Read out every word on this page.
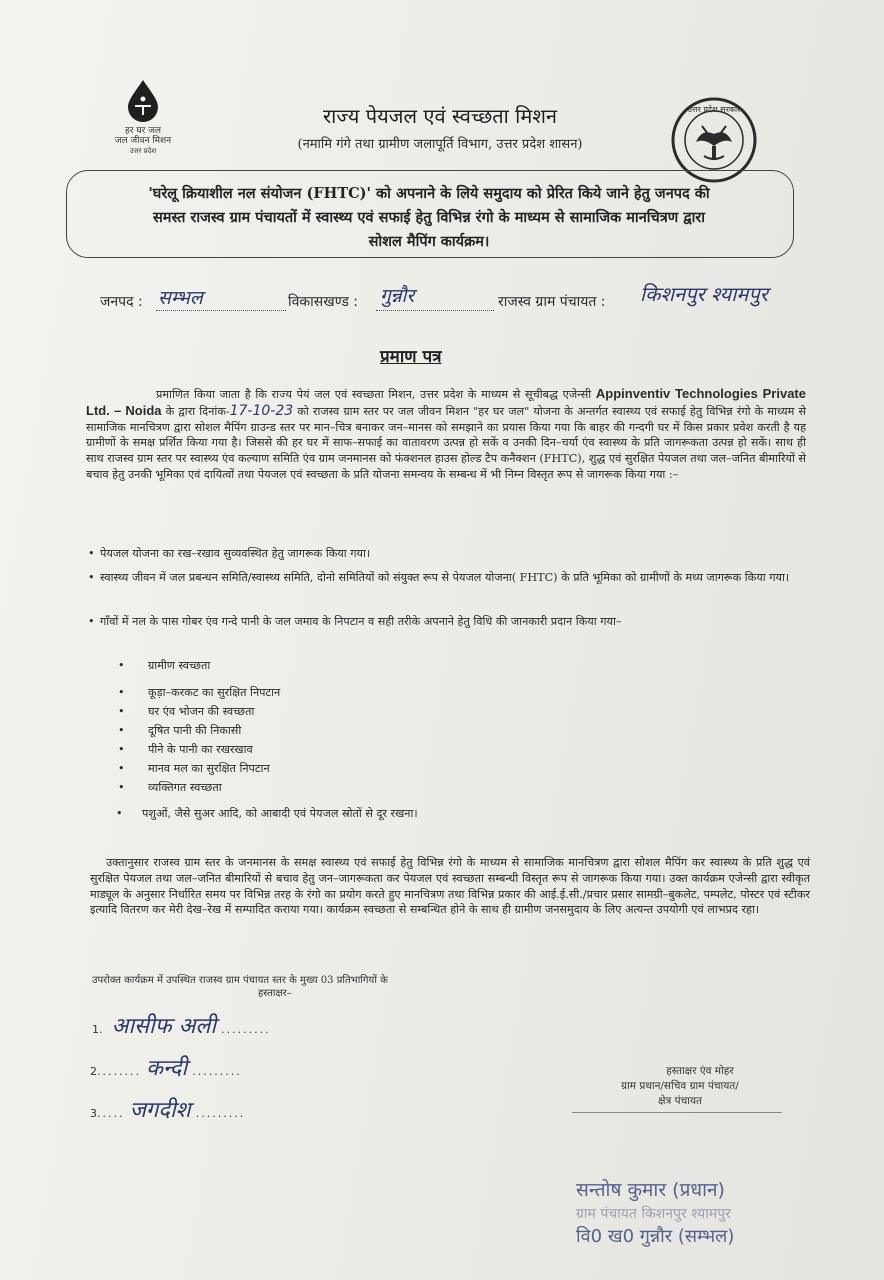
हर घर जल
जल जीवन मिशन
उत्तर प्रदेश
उत्तर प्रदेश सरकार
राज्य पेयजल एवं स्वच्छता मिशन
(नमामि गंगे तथा ग्रामीण जलापूर्ति विभाग, उत्तर प्रदेश शासन)
'घरेलू क्रियाशील नल संयोजन (FHTC)' को अपनाने के लिये समुदाय को प्रेरित किये जाने हेतु जनपद की
समस्त राजस्व ग्राम पंचायतों में स्वास्थ्य एवं सफाई हेतु विभिन्न रंगो के माध्यम से सामाजिक मानचित्रण द्वारा
सोशल मैपिंग कार्यक्रम।
जनपद : सम्भल	विकासखण्ड : गुन्नौर	राजस्व ग्राम पंचायत : किशनपुर श्यामपुर
प्रमाण पत्र
प्रमाणित किया जाता है कि राज्य पेयं जल एवं स्वच्छता मिशन, उत्तर प्रदेश के माध्यम से सूचीबद्ध एजेन्सी Appinventiv Technologies Private Ltd. – Noida के द्वारा दिनांक-17-10-23 को राजस्व ग्राम स्तर पर जल जीवन मिशन "हर घर जल" योजना के अन्तर्गत स्वास्थ्य एवं सफाई हेतु विभिन्न रंगो के माध्यम से सामाजिक मानचित्रण द्वारा सोशल मैपिंग ग्राउन्ड स्तर पर मान–चित्र बनाकर जन–मानस को समझाने का प्रयास किया गया कि बाहर की गन्दगी घर में किस प्रकार प्रवेश करती है यह ग्रामीणों के समक्ष प्रर्शित किया गया है। जिससे की हर घर में साफ–सफाई का वातावरण उत्पन्न हो सकें व उनकी दिन–चर्या एंव स्वास्थ्य के प्रति जागरूकता उत्पन्न हो सकें। साथ ही साथ राजस्व ग्राम स्तर पर स्वास्थ्य एंव कल्याण समिति एंव ग्राम जनमानस को फंक्शनल हाउस होल्ड टैप कनैक्शन (FHTC), शुद्ध एवं सुरक्षित पेयजल तथा जल–जनित बीमारियों से बचाव हेतु उनकी भूमिका एवं दायित्वों तथा पेयजल एवं स्वच्छता के प्रति योजना समन्वय के सम्बन्ध में भी निम्न विस्तृत रूप से जागरूक किया गया :–
• पेयजल योजना का रख–रखाव सुव्यवस्थित हेतु जागरूक किया गया।
• स्वास्थ्य जीवन में जल प्रबन्धन समिति/स्वास्थ्य समिति, दोनो समितियों को संयुक्त रूप से पेयजल योजना( FHTC) के प्रति भूमिका को ग्रामीणों के मध्य जागरूक किया गया।
• गाँवों में नल के पास गोबर एंव गन्दे पानी के जल जमाव के निपटान व सही तरीके अपनाने हेतु विधि की जानकारी प्रदान किया गया–
• ग्रामीण स्वच्छता
• कूड़ा–करकट का सुरक्षित निपटान
• घर एंव भोजन की स्वच्छता
• दूषित पानी की निकासी
• पीने के पानी का रखरखाव
• मानव मल का सुरक्षित निपटान
• व्यक्तिगत स्वच्छता
• पशुओं, जैसे सुअर आदि, को आबादी एवं पेयजल स्रोतों से दूर रखना।
उक्तानुसार राजस्व ग्राम स्तर के जनमानस के समक्ष स्वास्थ्य एवं सफाई हेतु विभिन्न रंगो के माध्यम से सामाजिक मानचित्रण द्वारा सोशल मैपिंग कर स्वास्थ्य के प्रति शुद्ध एवं सुरक्षित पेयजल तथा जल–जनित बीमारियों से बचाव हेतु जन–जागरूकता कर पेयजल एवं स्वच्छता सम्बन्धी विस्तृत रूप से जागरूक किया गया। उक्त कार्यक्रम एजेन्सी द्वारा स्वीकृत माड्यूल के अनुसार निर्धारित समय पर विभिन्न तरह के रंगो का प्रयोग करते हुए मानचित्रण तथा विभिन्न प्रकार की आई.ई.सी./प्रचार प्रसार सामग्री–बुकलेट, पम्पलेट, पोस्टर एवं स्टीकर इत्यादि वितरण कर मेरी देख–रेख में सम्पादित कराया गया। कार्यक्रम स्वच्छता से सम्बन्धित होने के साथ ही ग्रामीण जनसमुदाय के लिए अत्यन्त उपयोगी एवं लाभप्रद रहा।
उपरोक्त कार्यक्रम में उपस्थित राजस्व ग्राम पंचायत स्तर के मुख्य 03 प्रतिभागियों के
हस्ताक्षर–
1. आसीफ अली .........
2........ कन्दी .........
3..... जगदीश .........
हस्ताक्षर एंव मोहर
ग्राम प्रधान/सचिव ग्राम पंचायत/
क्षेत्र पंचायत
सन्तोष कुमार (प्रधान)
ग्राम पंचायत किशनपुर श्यामपुर
वि0 ख0 गुन्नौर (सम्भल)
